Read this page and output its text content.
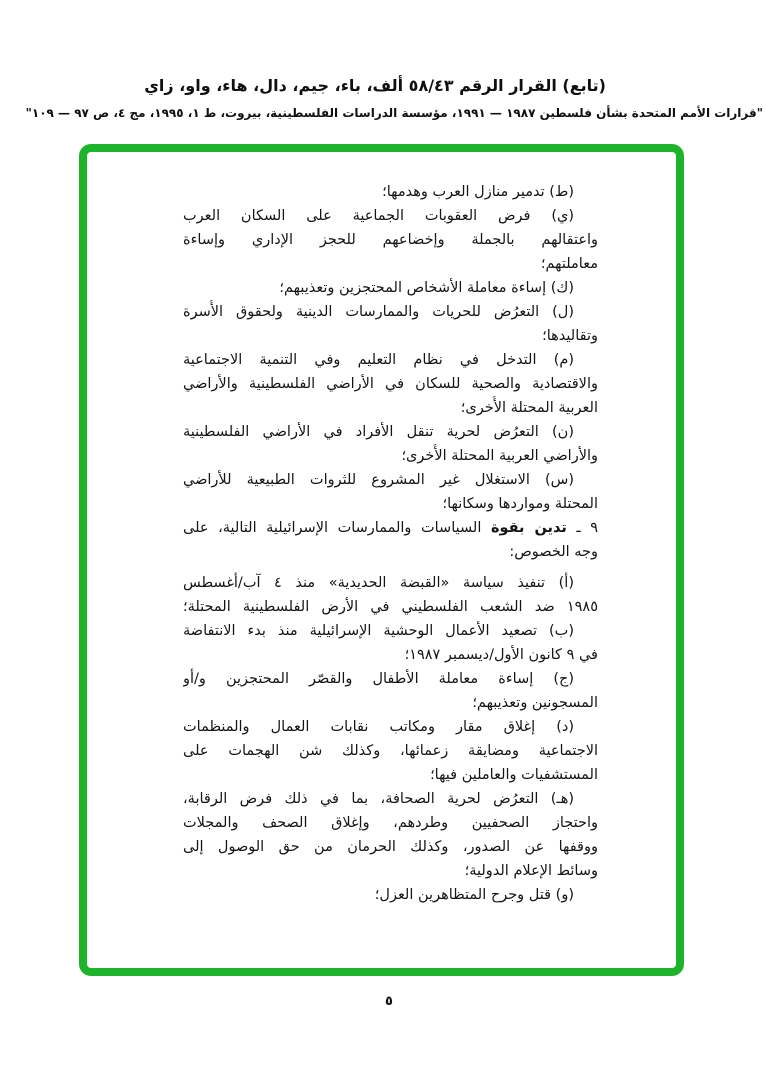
(تابع) القرار الرقم ٥٨/٤٣ ألف، باء، جيم، دال، هاء، واو، زاي
"قرارات الأمم المتحدة بشأن فلسطين ١٩٨٧ — ١٩٩١، مؤسسة الدراسات الفلسطينية، بيروت، ط ١، ١٩٩٥، مج ٤، ص ٩٧ — ١٠٩"
(ط) تدمير منازل العرب وهدمها؛
(ي) فرض العقوبات الجماعية على السكان العرب
واعتقالهم بالجملة وإخضاعهم للحجز الإداري وإساءة
معاملتهم؛
(ك) إساءة معاملة الأشخاص المحتجزين وتعذيبهم؛
(ل) التعرُض للحريات والممارسات الدينية ولحقوق الأُسرة
وتقاليدها؛
(م) التدخل في نظام التعليم وفي التنمية الاجتماعية
والاقتصادية والصحية للسكان في الأراضي الفلسطينية والأراضي
العربية المحتلة الأُخرى؛
(ن) التعرُض لحرية تنقل الأفراد في الأراضي الفلسطينية
والأراضي العربية المحتلة الأُخرى؛
(س) الاستغلال غير المشروع للثروات الطبيعية للأراضي
المحتلة ومواردها وسكانها؛
٩ ـ تدين بقوة السياسات والممارسات الإسرائيلية التالية، على
وجه الخصوص:
(أ) تنفيذ سياسة «القبضة الحديدية» منذ ٤ آب/أغسطس
١٩٨٥ ضد الشعب الفلسطيني في الأرض الفلسطينية المحتلة؛
(ب) تصعيد الأعمال الوحشية الإسرائيلية منذ بدء الانتفاضة
في ٩ كانون الأول/ديسمبر ١٩٨٧؛
(ج) إساءة معاملة الأطفال والقصّر المحتجزين و/أو
المسجونين وتعذيبهم؛
(د) إغلاق مقار ومكاتب نقابات العمال والمنظمات
الاجتماعية ومضايقة زعمائها، وكذلك شن الهجمات على
المستشفيات والعاملين فيها؛
(هـ) التعرُض لحرية الصحافة، بما في ذلك فرض الرقابة،
واحتجاز الصحفيين وطردهم، وإغلاق الصحف والمجلات
ووقفها عن الصدور، وكذلك الحرمان من حق الوصول إلى
وسائط الإعلام الدولية؛
(و) قتل وجرح المتظاهرين العزل؛
٥
